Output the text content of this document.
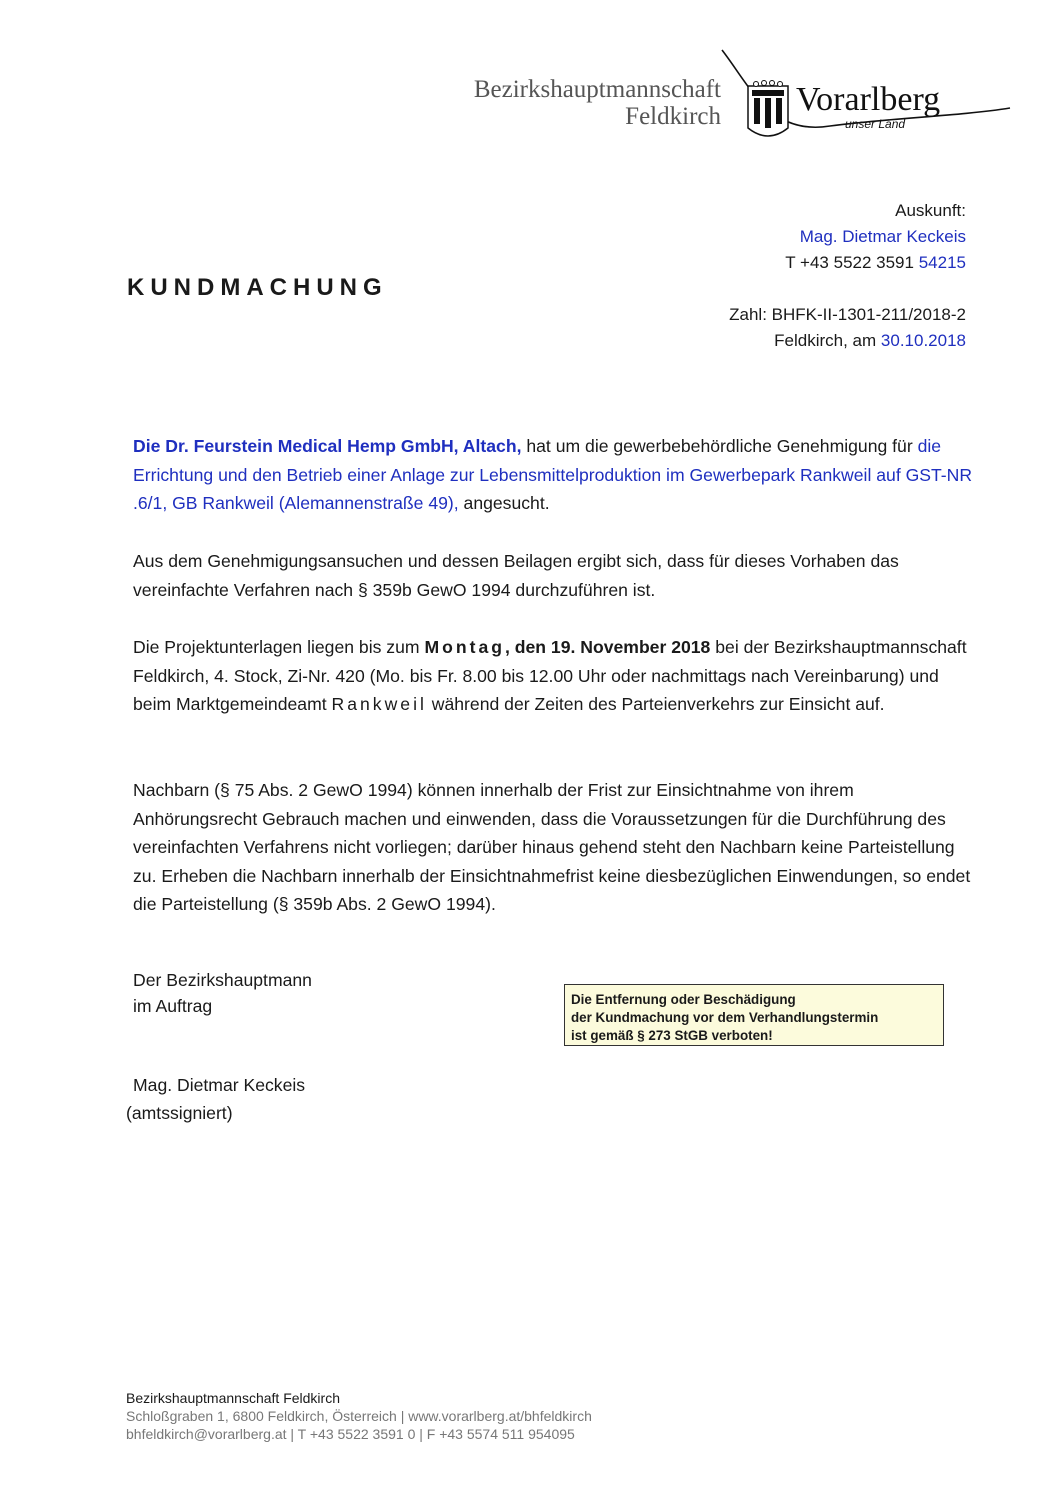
Bezirkshauptmannschaft
Feldkirch Vorarlberg
unser Land
Auskunft:
Mag. Dietmar Keckeis
T +43 5522 3591 54215
KUNDMACHUNG
Zahl: BHFK-II-1301-211/2018-2
Feldkirch, am 30.10.2018
Die Dr. Feurstein Medical Hemp GmbH, Altach, hat um die gewerbebehördliche Genehmigung für die Errichtung und den Betrieb einer Anlage zur Lebensmittelproduktion im Gewerbepark Rankweil auf GST-NR .6/1, GB Rankweil (Alemannenstraße 49), angesucht.
Aus dem Genehmigungsansuchen und dessen Beilagen ergibt sich, dass für dieses Vorhaben das vereinfachte Verfahren nach § 359b GewO 1994 durchzuführen ist.
Die Projektunterlagen liegen bis zum Montag, den 19. November 2018 bei der Bezirkshauptmannschaft Feldkirch, 4. Stock, Zi-Nr. 420 (Mo. bis Fr. 8.00 bis 12.00 Uhr oder nachmittags nach Vereinbarung) und beim Marktgemeindeamt Rankweil während der Zeiten des Parteienverkehrs zur Einsicht auf.
Nachbarn (§ 75 Abs. 2 GewO 1994) können innerhalb der Frist zur Einsichtnahme von ihrem Anhörungsrecht Gebrauch machen und einwenden, dass die Voraussetzungen für die Durchführung des vereinfachten Verfahrens nicht vorliegen; darüber hinaus gehend steht den Nachbarn keine Parteistellung zu. Erheben die Nachbarn innerhalb der Einsichtnahmefrist keine diesbezüglichen Einwendungen, so endet die Parteistellung (§ 359b Abs. 2 GewO 1994).
Der Bezirkshauptmann
im Auftrag
Mag. Dietmar Keckeis
(amtssigniert)
Die Entfernung oder Beschädigung
der Kundmachung vor dem Verhandlungstermin
ist gemäß § 273 StGB verboten!
Bezirkshauptmannschaft Feldkirch
Schloßgraben 1, 6800 Feldkirch, Österreich | www.vorarlberg.at/bhfeldkirch
bhfeldkirch@vorarlberg.at | T +43 5522 3591 0 | F +43 5574 511 954095
